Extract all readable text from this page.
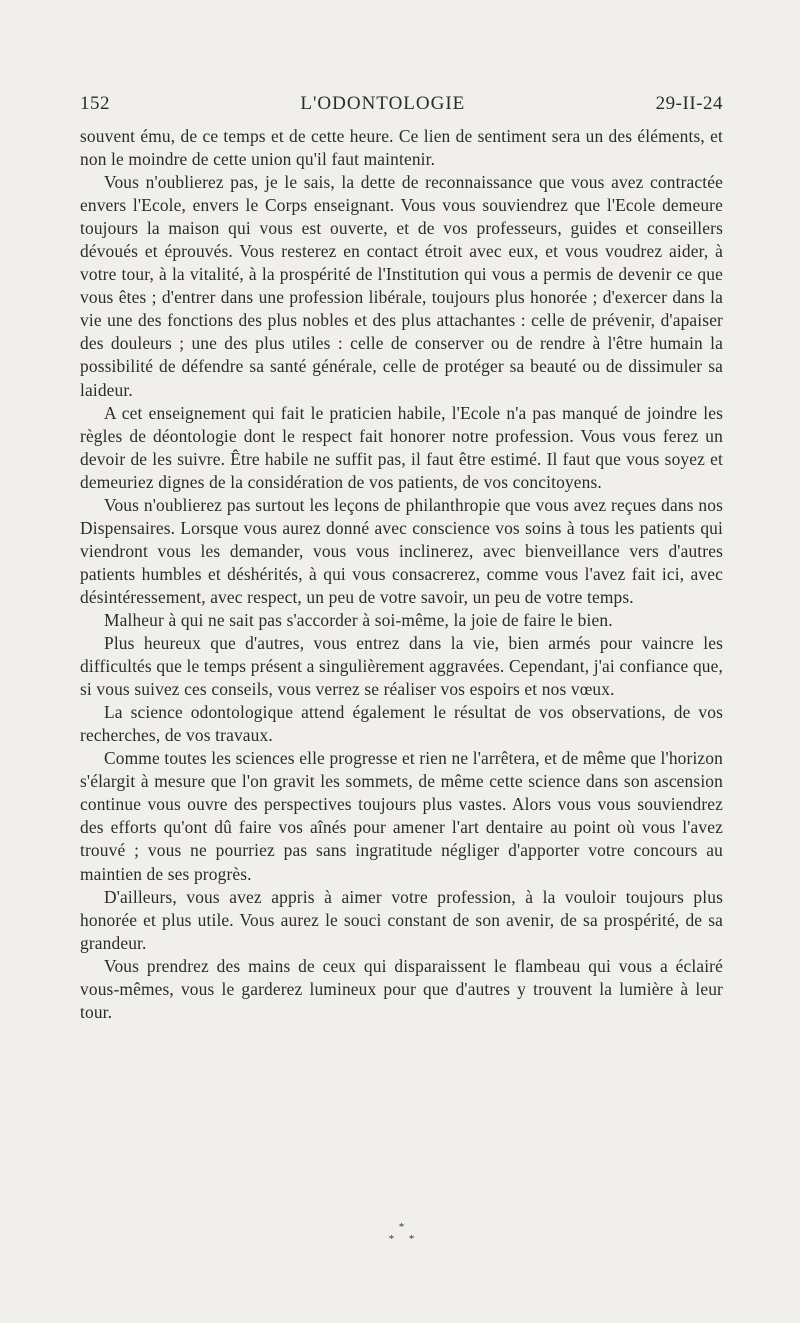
152	L'ODONTOLOGIE	29-II-24

souvent ému, de ce temps et de cette heure. Ce lien de sentiment sera un des éléments, et non le moindre de cette union qu'il faut maintenir.

Vous n'oublierez pas, je le sais, la dette de reconnaissance que vous avez contractée envers l'Ecole, envers le Corps enseignant. Vous vous souviendrez que l'Ecole demeure toujours la maison qui vous est ouverte, et de vos professeurs, guides et conseillers dévoués et éprouvés. Vous resterez en contact étroit avec eux, et vous voudrez aider, à votre tour, à la vitalité, à la prospérité de l'Institution qui vous a permis de devenir ce que vous êtes ; d'entrer dans une profession libérale, toujours plus honorée ; d'exercer dans la vie une des fonctions des plus nobles et des plus attachantes : celle de prévenir, d'apaiser des douleurs ; une des plus utiles : celle de conserver ou de rendre à l'être humain la possibilité de défendre sa santé générale, celle de protéger sa beauté ou de dissimuler sa laideur.

A cet enseignement qui fait le praticien habile, l'Ecole n'a pas manqué de joindre les règles de déontologie dont le respect fait honorer notre profession. Vous vous ferez un devoir de les suivre. Être habile ne suffit pas, il faut être estimé. Il faut que vous soyez et demeuriez dignes de la considération de vos patients, de vos concitoyens.

Vous n'oublierez pas surtout les leçons de philanthropie que vous avez reçues dans nos Dispensaires. Lorsque vous aurez donné avec conscience vos soins à tous les patients qui viendront vous les demander, vous vous inclinerez, avec bienveillance vers d'autres patients humbles et déshérités, à qui vous consacrerez, comme vous l'avez fait ici, avec désintéressement, avec respect, un peu de votre savoir, un peu de votre temps.

Malheur à qui ne sait pas s'accorder à soi-même, la joie de faire le bien.

Plus heureux que d'autres, vous entrez dans la vie, bien armés pour vaincre les difficultés que le temps présent a singulièrement aggravées. Cependant, j'ai confiance que, si vous suivez ces conseils, vous verrez se réaliser vos espoirs et nos vœux.

La science odontologique attend également le résultat de vos observations, de vos recherches, de vos travaux.

Comme toutes les sciences elle progresse et rien ne l'arrêtera, et de même que l'horizon s'élargit à mesure que l'on gravit les sommets, de même cette science dans son ascension continue vous ouvre des perspectives toujours plus vastes. Alors vous vous souviendrez des efforts qu'ont dû faire vos aînés pour amener l'art dentaire au point où vous l'avez trouvé ; vous ne pourriez pas sans ingratitude négliger d'apporter votre concours au maintien de ses progrès.

D'ailleurs, vous avez appris à aimer votre profession, à la vouloir toujours plus honorée et plus utile. Vous aurez le souci constant de son avenir, de sa prospérité, de sa grandeur.

Vous prendrez des mains de ceux qui disparaissent le flambeau qui vous a éclairé vous-mêmes, vous le garderez lumineux pour que d'autres y trouvent la lumière à leur tour.

*
* *
